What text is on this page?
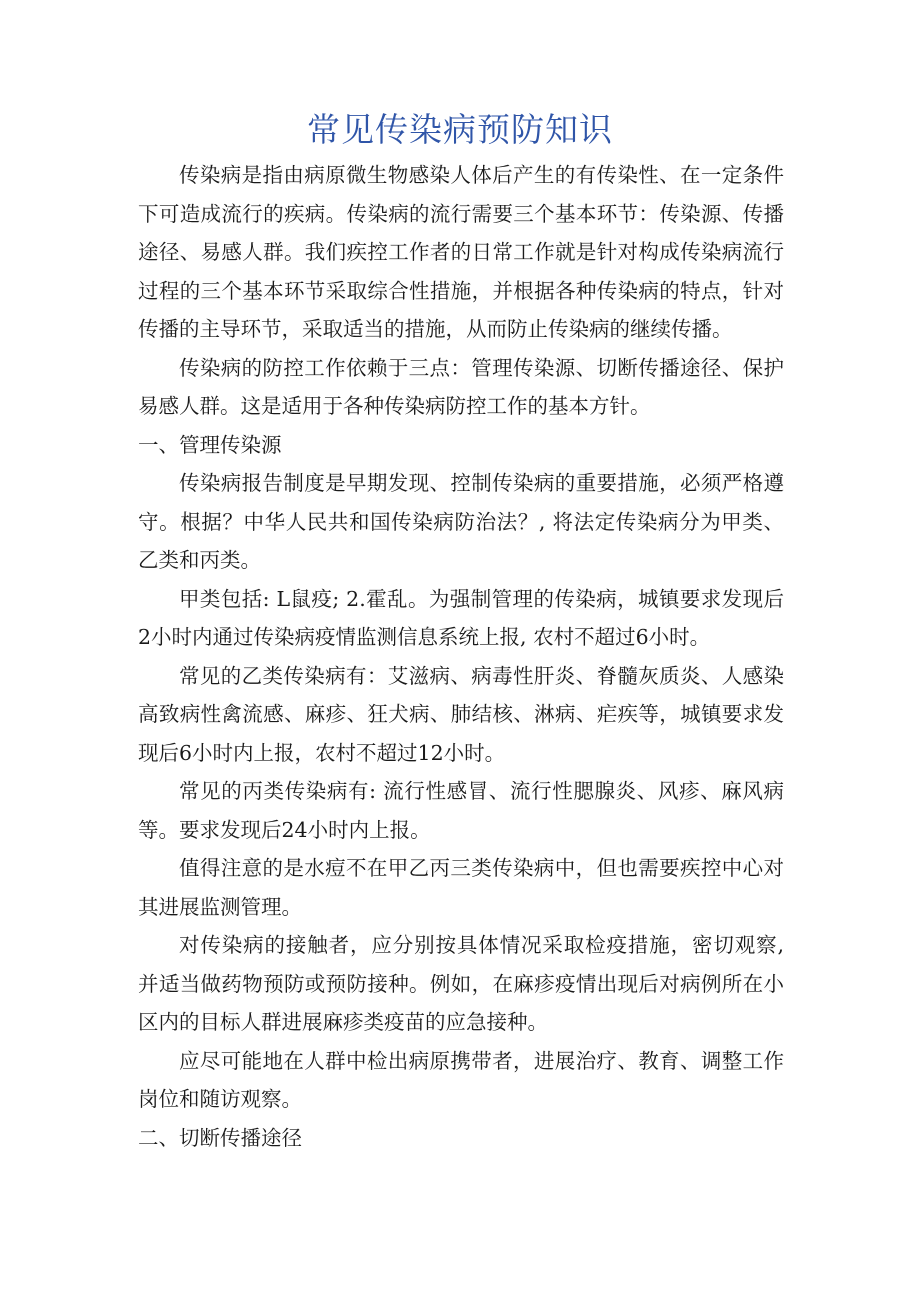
常见传染病预防知识

传染病是指由病原微生物感染人体后产生的有传染性、在一定条件下可造成流行的疾病。传染病的流行需要三个基本环节：传染源、传播途径、易感人群。我们疾控工作者的日常工作就是针对构成传染病流行过程的三个基本环节采取综合性措施，并根据各种传染病的特点，针对传播的主导环节，采取适当的措施，从而防止传染病的继续传播。

传染病的防控工作依赖于三点：管理传染源、切断传播途径、保护易感人群。这是适用于各种传染病防控工作的基本方针。

一、管理传染源

传染病报告制度是早期发现、控制传染病的重要措施，必须严格遵守。根据？中华人民共和国传染病防治法？, 将法定传染病分为甲类、乙类和丙类。

甲类包括: L鼠疫; 2.霍乱。为强制管理的传染病，城镇要求发现后2小时内通过传染病疫情监测信息系统上报, 农村不超过6小时。

常见的乙类传染病有：艾滋病、病毒性肝炎、脊髓灰质炎、人感染高致病性禽流感、麻疹、狂犬病、肺结核、淋病、疟疾等，城镇要求发现后6小时内上报，农村不超过12小时。

常见的丙类传染病有: 流行性感冒、流行性腮腺炎、风疹、麻风病等。要求发现后24小时内上报。

值得注意的是水痘不在甲乙丙三类传染病中，但也需要疾控中心对其进展监测管理。

对传染病的接触者，应分别按具体情况采取检疫措施，密切观察, 并适当做药物预防或预防接种。例如，在麻疹疫情出现后对病例所在小区内的目标人群进展麻疹类疫苗的应急接种。

应尽可能地在人群中检出病原携带者，进展治疗、教育、调整工作岗位和随访观察。

二、切断传播途径
